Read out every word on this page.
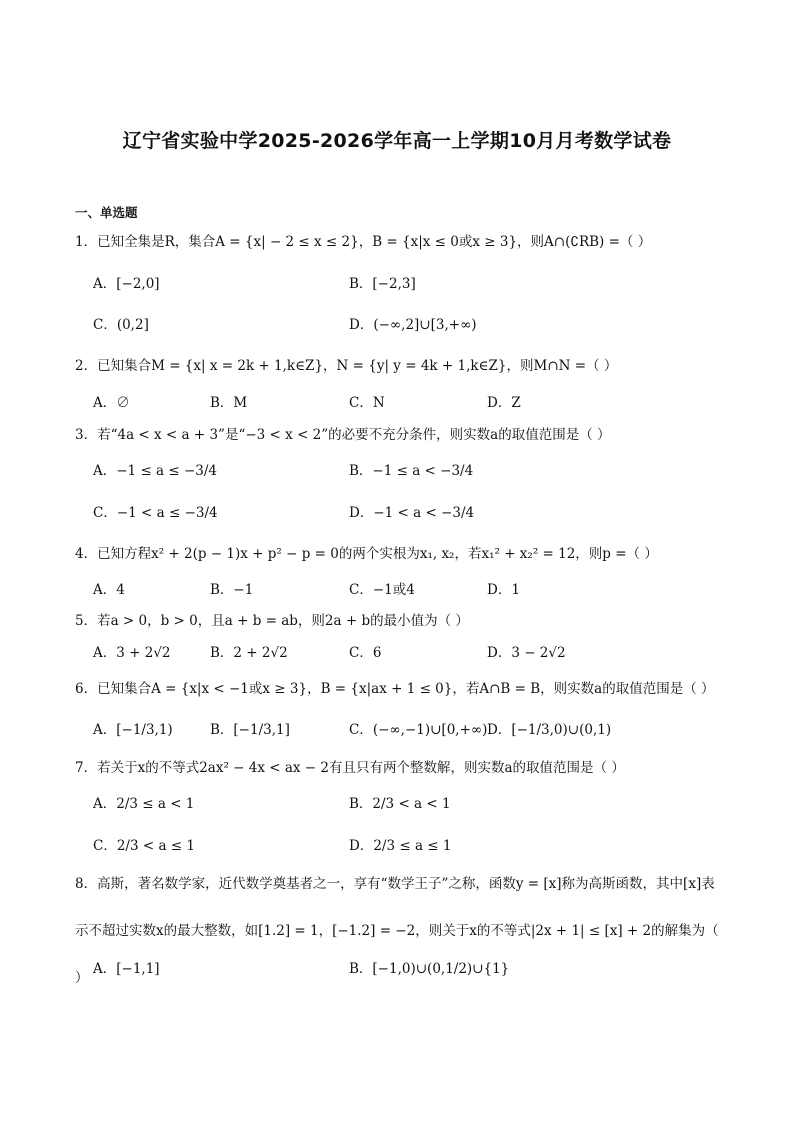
辽宁省实验中学2025-2026学年高一上学期10月月考数学试卷
一、单选题
1．已知全集是R，集合A = {x| − 2 ≤ x ≤ 2}，B = {x|x ≤ 0或x ≥ 3}，则A∩(∁RB) =（ ）
A．[−2,0]	B．[−2,3]
C．(0,2]	D．(−∞,2]∪[3,+∞)
2．已知集合M = {x| x = 2k + 1,k∈Z}，N = {y| y = 4k + 1,k∈Z}，则M∩N =（ ）
A．∅	B．M	C．N	D．Z
3．若“4a < x < a + 3”是“−3 < x < 2”的必要不充分条件，则实数a的取值范围是（ ）
A．−1 ≤ a ≤ −3/4	B．−1 ≤ a < −3/4
C．−1 < a ≤ −3/4	D．−1 < a < −3/4
4．已知方程x² + 2(p − 1)x + p² − p = 0的两个实根为x₁, x₂，若x₁² + x₂² = 12，则p =（ ）
A．4	B．−1	C．−1或4	D．1
5．若a > 0，b > 0，且a + b = ab，则2a + b的最小值为（ ）
A．3 + 2√2	B．2 + 2√2	C．6	D．3 − 2√2
6．已知集合A = {x|x < −1或x ≥ 3}，B = {x|ax + 1 ≤ 0}，若A∩B = B，则实数a的取值范围是（ ）
A．[−1/3,1)	B．[−1/3,1]	C．(−∞,−1)∪[0,+∞) D．[−1/3,0)∪(0,1)
7．若关于x的不等式2ax² − 4x < ax − 2有且只有两个整数解，则实数a的取值范围是（ ）
A．2/3 ≤ a < 1	B．2/3 < a < 1
C．2/3 < a ≤ 1	D．2/3 ≤ a ≤ 1
8．高斯，著名数学家，近代数学奠基者之一，享有“数学王子”之称，函数y = [x]称为高斯函数，其中[x]表示不超过实数x的最大整数，如[1.2] = 1，[−1.2] = −2，则关于x的不等式|2x + 1| ≤ [x] + 2的解集为（ ）
A．[−1,1]	B．[−1,0)∪(0,1/2)∪{1}
